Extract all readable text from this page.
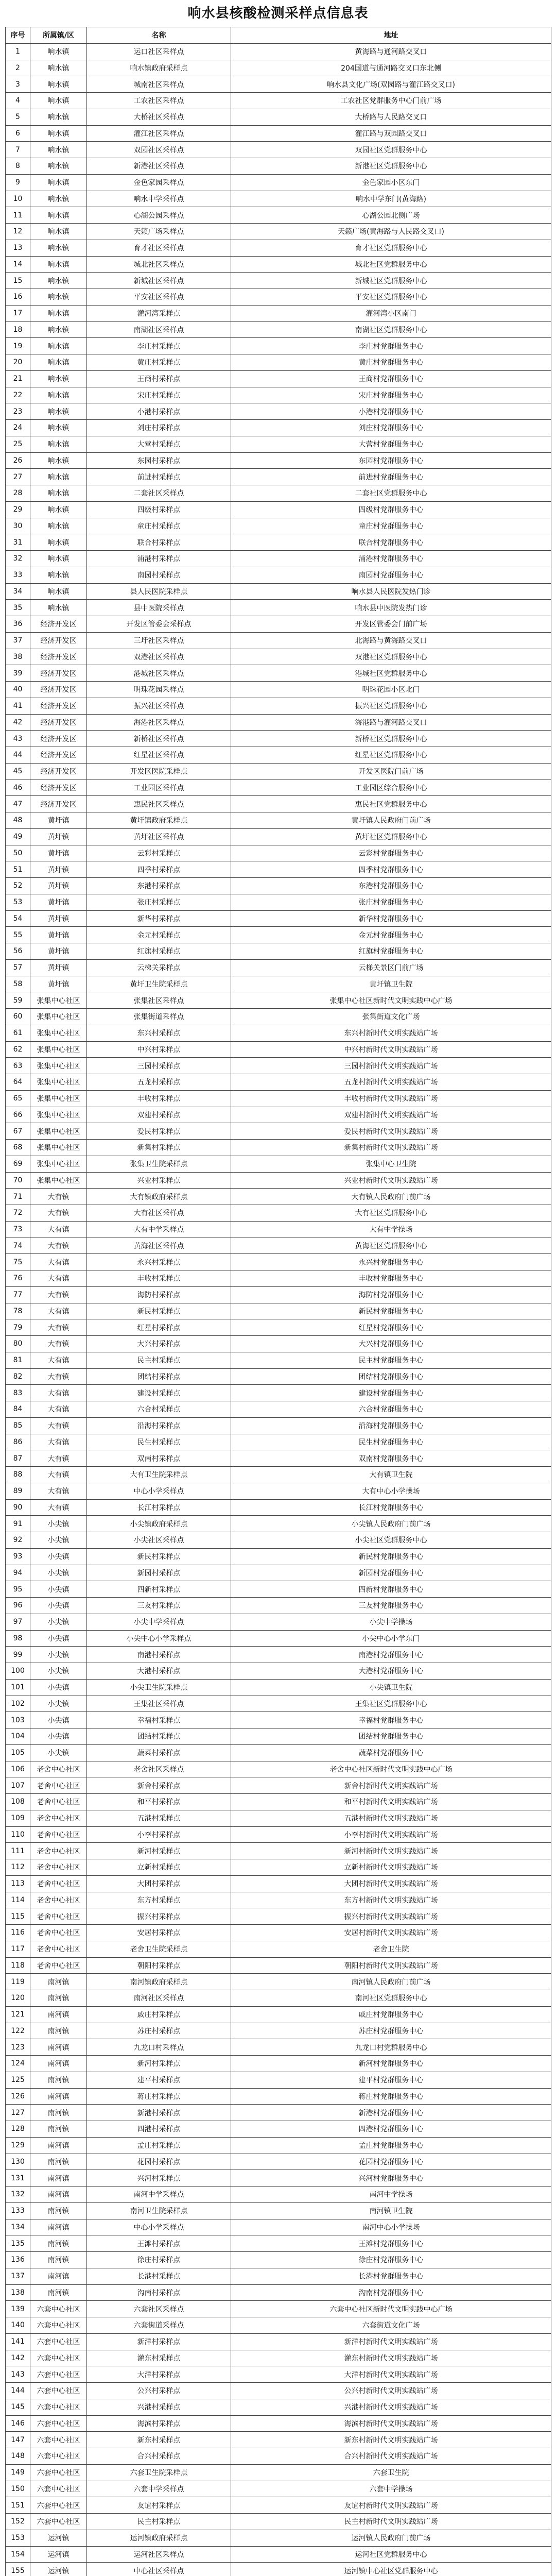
响水县核酸检测采样点信息表
序号	所属镇/区	名称	地址
1	响水镇	运口社区采样点	黄海路与通河路交叉口
2	响水镇	响水镇政府采样点	204国道与通河路交叉口东北侧
3	响水镇	城南社区采样点	响水县文化广场(双园路与灌江路交叉口)
4	响水镇	工农社区采样点	工农社区党群服务中心门前广场
5	响水镇	大桥社区采样点	大桥路与人民路交叉口
6	响水镇	灌江社区采样点	灌江路与双园路交叉口
7	响水镇	双园社区采样点	双园社区党群服务中心
8	响水镇	新港社区采样点	新港社区党群服务中心
9	响水镇	金色家园采样点	金色家园小区东门
10	响水镇	响水中学采样点	响水中学东门(黄海路)
11	响水镇	心湖公园采样点	心湖公园北侧广场
12	响水镇	天籁广场采样点	天籁广场(黄海路与人民路交叉口)
13	响水镇	育才社区采样点	育才社区党群服务中心
14	响水镇	城北社区采样点	城北社区党群服务中心
15	响水镇	新城社区采样点	新城社区党群服务中心
16	响水镇	平安社区采样点	平安社区党群服务中心
17	响水镇	灌河湾采样点	灌河湾小区南门
18	响水镇	南湖社区采样点	南湖社区党群服务中心
19	响水镇	李庄村采样点	李庄村党群服务中心
20	响水镇	黄庄村采样点	黄庄村党群服务中心
21	响水镇	王商村采样点	王商村党群服务中心
22	响水镇	宋庄村采样点	宋庄村党群服务中心
23	响水镇	小港村采样点	小港村党群服务中心
24	响水镇	刘庄村采样点	刘庄村党群服务中心
25	响水镇	大营村采样点	大营村党群服务中心
26	响水镇	东园村采样点	东园村党群服务中心
27	响水镇	前进村采样点	前进村党群服务中心
28	响水镇	二套社区采样点	二套社区党群服务中心
29	响水镇	四级村采样点	四级村党群服务中心
30	响水镇	童庄村采样点	童庄村党群服务中心
31	响水镇	联合村采样点	联合村党群服务中心
32	响水镇	浦港村采样点	浦港村党群服务中心
33	响水镇	南园村采样点	南园村党群服务中心
34	响水镇	县人民医院采样点	响水县人民医院发热门诊
35	响水镇	县中医院采样点	响水县中医院发热门诊
36	经济开发区	开发区管委会采样点	开发区管委会门前广场
37	经济开发区	三圩社区采样点	北海路与黄海路交叉口
38	经济开发区	双港社区采样点	双港社区党群服务中心
39	经济开发区	港城社区采样点	港城社区党群服务中心
40	经济开发区	明珠花园采样点	明珠花园小区北门
41	经济开发区	振兴社区采样点	振兴社区党群服务中心
42	经济开发区	海港社区采样点	海港路与灌河路交叉口
43	经济开发区	新桥社区采样点	新桥社区党群服务中心
44	经济开发区	红星社区采样点	红星社区党群服务中心
45	经济开发区	开发区医院采样点	开发区医院门前广场
46	经济开发区	工业园区采样点	工业园区综合服务中心
47	经济开发区	惠民社区采样点	惠民社区党群服务中心
48	黄圩镇	黄圩镇政府采样点	黄圩镇人民政府门前广场
49	黄圩镇	黄圩社区采样点	黄圩社区党群服务中心
50	黄圩镇	云彩村采样点	云彩村党群服务中心
51	黄圩镇	四季村采样点	四季村党群服务中心
52	黄圩镇	东港村采样点	东港村党群服务中心
53	黄圩镇	张庄村采样点	张庄村党群服务中心
54	黄圩镇	新华村采样点	新华村党群服务中心
55	黄圩镇	金元村采样点	金元村党群服务中心
56	黄圩镇	红旗村采样点	红旗村党群服务中心
57	黄圩镇	云梯关采样点	云梯关景区门前广场
58	黄圩镇	黄圩卫生院采样点	黄圩镇卫生院
59	张集中心社区	张集社区采样点	张集中心社区新时代文明实践中心广场
60	张集中心社区	张集街道采样点	张集街道文化广场
61	张集中心社区	东兴村采样点	东兴村新时代文明实践站广场
62	张集中心社区	中兴村采样点	中兴村新时代文明实践站广场
63	张集中心社区	三园村采样点	三园村新时代文明实践站广场
64	张集中心社区	五龙村采样点	五龙村新时代文明实践站广场
65	张集中心社区	丰收村采样点	丰收村新时代文明实践站广场
66	张集中心社区	双建村采样点	双建村新时代文明实践站广场
67	张集中心社区	爱民村采样点	爱民村新时代文明实践站广场
68	张集中心社区	新集村采样点	新集村新时代文明实践站广场
69	张集中心社区	张集卫生院采样点	张集中心卫生院
70	张集中心社区	兴业村采样点	兴业村新时代文明实践站广场
71	大有镇	大有镇政府采样点	大有镇人民政府门前广场
72	大有镇	大有社区采样点	大有社区党群服务中心
73	大有镇	大有中学采样点	大有中学操场
74	大有镇	黄海社区采样点	黄海社区党群服务中心
75	大有镇	永兴村采样点	永兴村党群服务中心
76	大有镇	丰收村采样点	丰收村党群服务中心
77	大有镇	海防村采样点	海防村党群服务中心
78	大有镇	新民村采样点	新民村党群服务中心
79	大有镇	红星村采样点	红星村党群服务中心
80	大有镇	大兴村采样点	大兴村党群服务中心
81	大有镇	民主村采样点	民主村党群服务中心
82	大有镇	团结村采样点	团结村党群服务中心
83	大有镇	建设村采样点	建设村党群服务中心
84	大有镇	六合村采样点	六合村党群服务中心
85	大有镇	沿海村采样点	沿海村党群服务中心
86	大有镇	民生村采样点	民生村党群服务中心
87	大有镇	双南村采样点	双南村党群服务中心
88	大有镇	大有卫生院采样点	大有镇卫生院
89	大有镇	中心小学采样点	大有中心小学操场
90	大有镇	长江村采样点	长江村党群服务中心
91	小尖镇	小尖镇政府采样点	小尖镇人民政府门前广场
92	小尖镇	小尖社区采样点	小尖社区党群服务中心
93	小尖镇	新民村采样点	新民村党群服务中心
94	小尖镇	新园村采样点	新园村党群服务中心
95	小尖镇	四新村采样点	四新村党群服务中心
96	小尖镇	三友村采样点	三友村党群服务中心
97	小尖镇	小尖中学采样点	小尖中学操场
98	小尖镇	小尖中心小学采样点	小尖中心小学东门
99	小尖镇	南港村采样点	南港村党群服务中心
100	小尖镇	大港村采样点	大港村党群服务中心
101	小尖镇	小尖卫生院采样点	小尖镇卫生院
102	小尖镇	王集社区采样点	王集社区党群服务中心
103	小尖镇	幸福村采样点	幸福村党群服务中心
104	小尖镇	团结村采样点	团结村党群服务中心
105	小尖镇	蔬菜村采样点	蔬菜村党群服务中心
106	老舍中心社区	老舍社区采样点	老舍中心社区新时代文明实践中心广场
107	老舍中心社区	新舍村采样点	新舍村新时代文明实践站广场
108	老舍中心社区	和平村采样点	和平村新时代文明实践站广场
109	老舍中心社区	五港村采样点	五港村新时代文明实践站广场
110	老舍中心社区	小李村采样点	小李村新时代文明实践站广场
111	老舍中心社区	新河村采样点	新河村新时代文明实践站广场
112	老舍中心社区	立新村采样点	立新村新时代文明实践站广场
113	老舍中心社区	大团村采样点	大团村新时代文明实践站广场
114	老舍中心社区	东方村采样点	东方村新时代文明实践站广场
115	老舍中心社区	振兴村采样点	振兴村新时代文明实践站广场
116	老舍中心社区	安居村采样点	安居村新时代文明实践站广场
117	老舍中心社区	老舍卫生院采样点	老舍卫生院
118	老舍中心社区	朝阳村采样点	朝阳村新时代文明实践站广场
119	南河镇	南河镇政府采样点	南河镇人民政府门前广场
120	南河镇	南河社区采样点	南河社区党群服务中心
121	南河镇	戚庄村采样点	戚庄村党群服务中心
122	南河镇	苏庄村采样点	苏庄村党群服务中心
123	南河镇	九龙口村采样点	九龙口村党群服务中心
124	南河镇	新河村采样点	新河村党群服务中心
125	南河镇	建平村采样点	建平村党群服务中心
126	南河镇	蒋庄村采样点	蒋庄村党群服务中心
127	南河镇	新港村采样点	新港村党群服务中心
128	南河镇	四港村采样点	四港村党群服务中心
129	南河镇	孟庄村采样点	孟庄村党群服务中心
130	南河镇	花园村采样点	花园村党群服务中心
131	南河镇	兴河村采样点	兴河村党群服务中心
132	南河镇	南河中学采样点	南河中学操场
133	南河镇	南河卫生院采样点	南河镇卫生院
134	南河镇	中心小学采样点	南河中心小学操场
135	南河镇	王滩村采样点	王滩村党群服务中心
136	南河镇	徐庄村采样点	徐庄村党群服务中心
137	南河镇	长港村采样点	长港村党群服务中心
138	南河镇	沟南村采样点	沟南村党群服务中心
139	六套中心社区	六套社区采样点	六套中心社区新时代文明实践中心广场
140	六套中心社区	六套街道采样点	六套街道文化广场
141	六套中心社区	新洋村采样点	新洋村新时代文明实践站广场
142	六套中心社区	灌东村采样点	灌东村新时代文明实践站广场
143	六套中心社区	大洋村采样点	大洋村新时代文明实践站广场
144	六套中心社区	公兴村采样点	公兴村新时代文明实践站广场
145	六套中心社区	兴港村采样点	兴港村新时代文明实践站广场
146	六套中心社区	海滨村采样点	海滨村新时代文明实践站广场
147	六套中心社区	新东村采样点	新东村新时代文明实践站广场
148	六套中心社区	合兴村采样点	合兴村新时代文明实践站广场
149	六套中心社区	六套卫生院采样点	六套卫生院
150	六套中心社区	六套中学采样点	六套中学操场
151	六套中心社区	友谊村采样点	友谊村新时代文明实践站广场
152	六套中心社区	民主村采样点	民主村新时代文明实践站广场
153	运河镇	运河镇政府采样点	运河镇人民政府门前广场
154	运河镇	运河社区采样点	运河社区党群服务中心
155	运河镇	中心社区采样点	运河镇中心社区党群服务中心
